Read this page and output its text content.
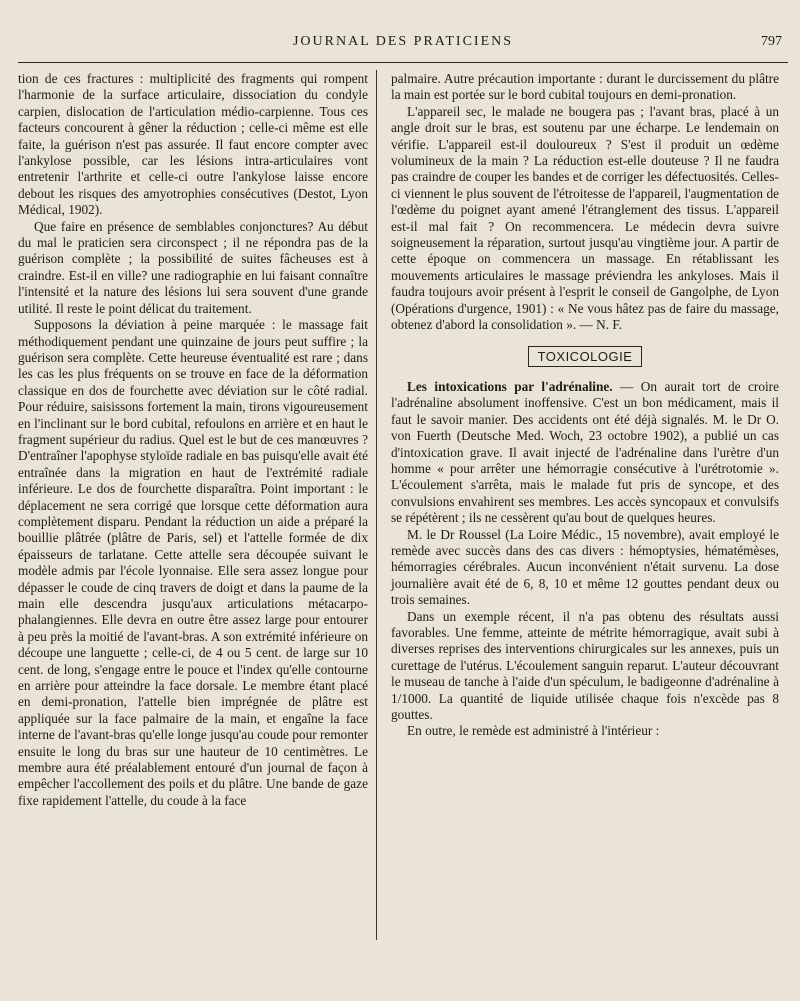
JOURNAL DES PRATICIENS	797

tion de ces fractures : multiplicité des fragments qui rompent l'harmonie de la surface articulaire, dissociation du condyle carpien, dislocation de l'articulation médio-carpienne. Tous ces facteurs concourent à gêner la réduction ; celle-ci même est elle faite, la guérison n'est pas assurée. Il faut encore compter avec l'ankylose possible, car les lésions intra-articulaires vont entretenir l'arthrite et celle-ci outre l'ankylose laisse encore debout les risques des amyotrophies consécutives (Destot, Lyon Médical, 1902).

Que faire en présence de semblables conjonctures? Au début du mal le praticien sera circonspect ; il ne répondra pas de la guérison complète ; la possibilité de suites fâcheuses est à craindre. Est-il en ville? une radiographie en lui faisant connaître l'intensité et la nature des lésions lui sera souvent d'une grande utilité. Il reste le point délicat du traitement.

Supposons la déviation à peine marquée : le massage fait méthodiquement pendant une quinzaine de jours peut suffire ; la guérison sera complète. Cette heureuse éventualité est rare ; dans les cas les plus fréquents on se trouve en face de la déformation classique en dos de fourchette avec déviation sur le côté radial. Pour réduire, saisissons fortement la main, tirons vigoureusement en l'inclinant sur le bord cubital, refoulons en arrière et en haut le fragment supérieur du radius. Quel est le but de ces manœuvres ? D'entraîner l'apophyse styloïde radiale en bas puisqu'elle avait été entraînée dans la migration en haut de l'extrémité radiale inférieure. Le dos de fourchette disparaîtra. Point important : le déplacement ne sera corrigé que lorsque cette déformation aura complètement disparu. Pendant la réduction un aide a préparé la bouillie plâtrée (plâtre de Paris, sel) et l'attelle formée de dix épaisseurs de tarlatane. Cette attelle sera découpée suivant le modèle admis par l'école lyonnaise. Elle sera assez longue pour dépasser le coude de cinq travers de doigt et dans la paume de la main elle descendra jusqu'aux articulations métacarpo-phalangiennes. Elle devra en outre être assez large pour entourer à peu près la moitié de l'avant-bras. A son extrémité inférieure on découpe une languette ; celle-ci, de 4 ou 5 cent. de large sur 10 cent. de long, s'engage entre le pouce et l'index qu'elle contourne en arrière pour atteindre la face dorsale. Le membre étant placé en demi-pronation, l'attelle bien imprégnée de plâtre est appliquée sur la face palmaire de la main, et engaîne la face interne de l'avant-bras qu'elle longe jusqu'au coude pour remonter ensuite le long du bras sur une hauteur de 10 centimètres. Le membre aura été préalablement entouré d'un journal de façon à empêcher l'accollement des poils et du plâtre. Une bande de gaze fixe rapidement l'attelle, du coude à la face

palmaire. Autre précaution importante : durant le durcissement du plâtre la main est portée sur le bord cubital toujours en demi-pronation.

L'appareil sec, le malade ne bougera pas ; l'avant bras, placé à un angle droit sur le bras, est soutenu par une écharpe. Le lendemain on vérifie. L'appareil est-il douloureux ? S'est il produit un œdème volumineux de la main ? La réduction est-elle douteuse ? Il ne faudra pas craindre de couper les bandes et de corriger les défectuosités. Celles-ci viennent le plus souvent de l'étroitesse de l'appareil, l'augmentation de l'œdème du poignet ayant amené l'étranglement des tissus. L'appareil est-il mal fait ? On recommencera. Le médecin devra suivre soigneusement la réparation, surtout jusqu'au vingtième jour. A partir de cette époque on commencera un massage. En rétablissant les mouvements articulaires le massage préviendra les ankyloses. Mais il faudra toujours avoir présent à l'esprit le conseil de Gangolphe, de Lyon (Opérations d'urgence, 1901) : « Ne vous hâtez pas de faire du massage, obtenez d'abord la consolidation ». — N. F.

TOXICOLOGIE

Les intoxications par l'adrénaline. — On aurait tort de croire l'adrénaline absolument inoffensive. C'est un bon médicament, mais il faut le savoir manier. Des accidents ont été déjà signalés. M. le Dr O. von Fuerth (Deutsche Med. Woch, 23 octobre 1902), a publié un cas d'intoxication grave. Il avait injecté de l'adrénaline dans l'urètre d'un homme « pour arrêter une hémorragie consécutive à l'urétrotomie ». L'écoulement s'arrêta, mais le malade fut pris de syncope, et des convulsions envahirent ses membres. Les accès syncopaux et convulsifs se répétèrent ; ils ne cessèrent qu'au bout de quelques heures.

M. le Dr Roussel (La Loire Médic., 15 novembre), avait employé le remède avec succès dans des cas divers : hémoptysies, hématémèses, hémorragies cérébrales. Aucun inconvénient n'était survenu. La dose journalière avait été de 6, 8, 10 et même 12 gouttes pendant deux ou trois semaines.

Dans un exemple récent, il n'a pas obtenu des résultats aussi favorables. Une femme, atteinte de métrite hémorragique, avait subi à diverses reprises des interventions chirurgicales sur les annexes, puis un curettage de l'utérus. L'écoulement sanguin reparut. L'auteur découvrant le museau de tanche à l'aide d'un spéculum, le badigeonne d'adrénaline à 1/1000. La quantité de liquide utilisée chaque fois n'excède pas 8 gouttes.

En outre, le remède est administré à l'intérieur :
